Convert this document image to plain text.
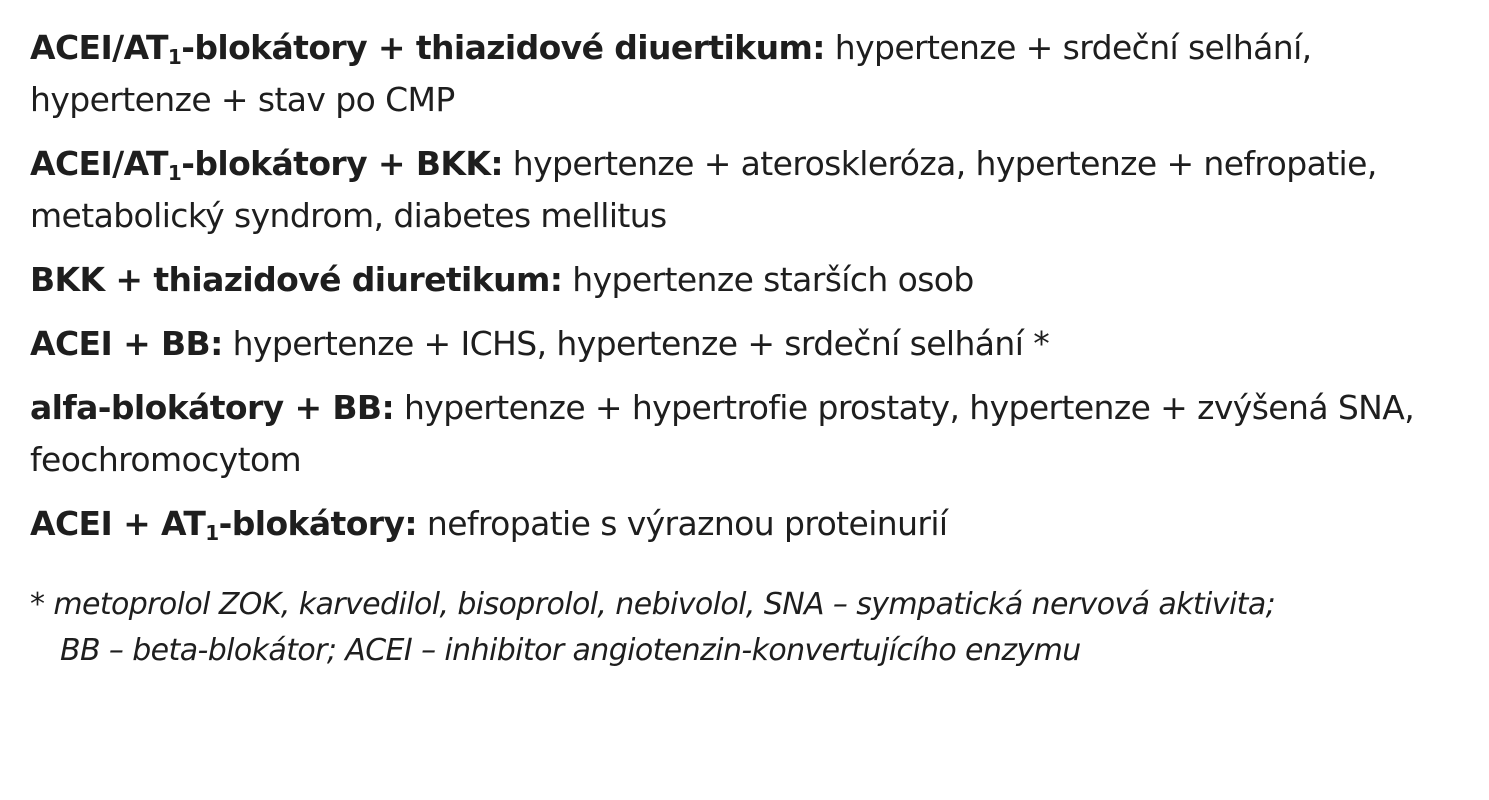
ACEI/$AT_1$-blokátory + thiazidové diuertikum: hypertenze + srdeční selhání, hypertenze + stav po CMP

ACEI/$AT_1$-blokátory + BKK: hypertenze + ateroskleróza, hypertenze + nefropatie, metabolický syndrom, diabetes mellitus

BKK + thiazidové diuretikum: hypertenze starších osob

ACEI + BB: hypertenze + ICHS, hypertenze + srdeční selhání *

alfa-blokátory + BB: hypertenze + hypertrofie prostaty, hypertenze + zvýšená SNA, feochromocytom

ACEI + $AT_1$-blokátory: nefropatie s výraznou proteinurií

* metoprolol ZOK, karvedilol, bisoprolol, nebivolol, SNA – sympatická nervová aktivita;
BB – beta-blokátor; ACEI – inhibitor angiotenzin-konvertujícího enzymu
